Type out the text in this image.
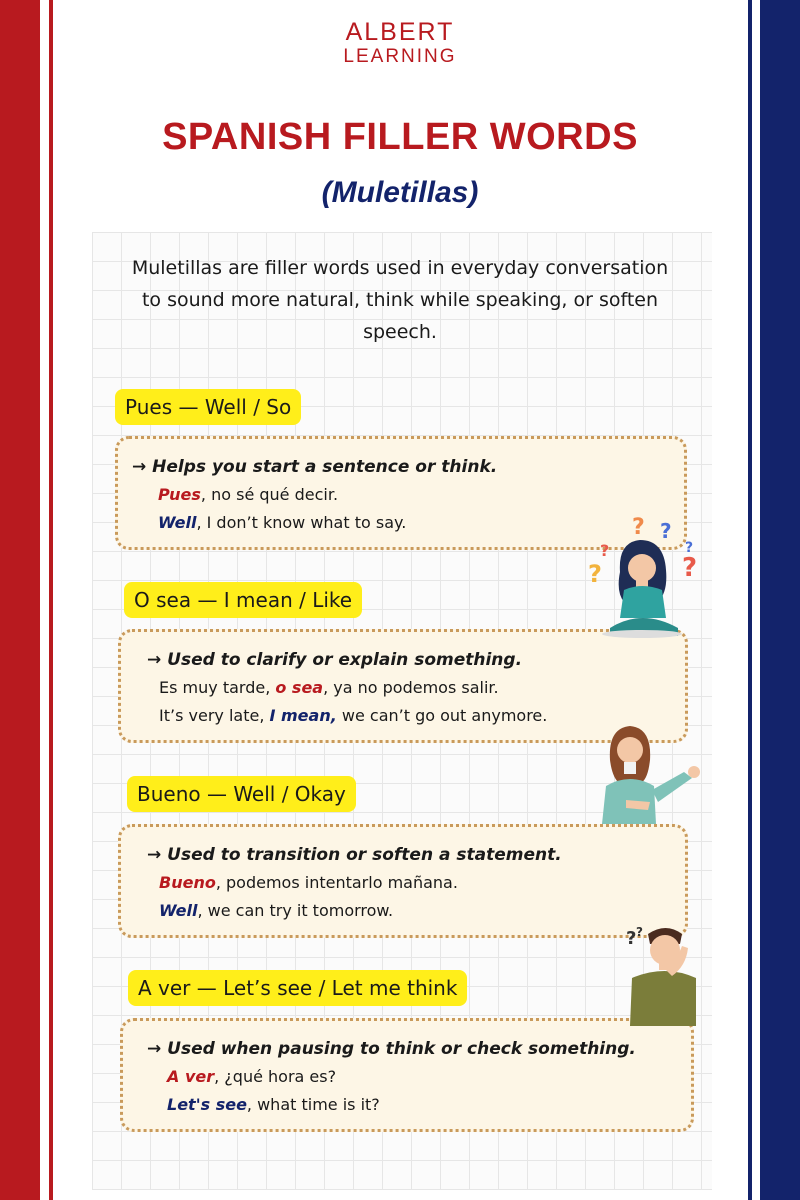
ALBERT
LEARNING
SPANISH FILLER WORDS
(Muletillas)
Muletillas are filler words used in everyday conversation to sound more natural, think while speaking, or soften speech.
Pues — Well / So
→ Helps you start a sentence or think.
Pues, no sé qué decir.
Well, I don’t know what to say.
O sea — I mean / Like
→ Used to clarify or explain something.
Es muy tarde, o sea, ya no podemos salir.
It’s very late, I mean, we can’t go out anymore.
Bueno — Well / Okay
→ Used to transition or soften a statement.
Bueno, podemos intentarlo mañana.
Well, we can try it tomorrow.
A ver — Let’s see / Let me think
→ Used when pausing to think or check something.
A ver, ¿qué hora es?
Let's see, what time is it?
? ?
?
?
?	?
? ?
